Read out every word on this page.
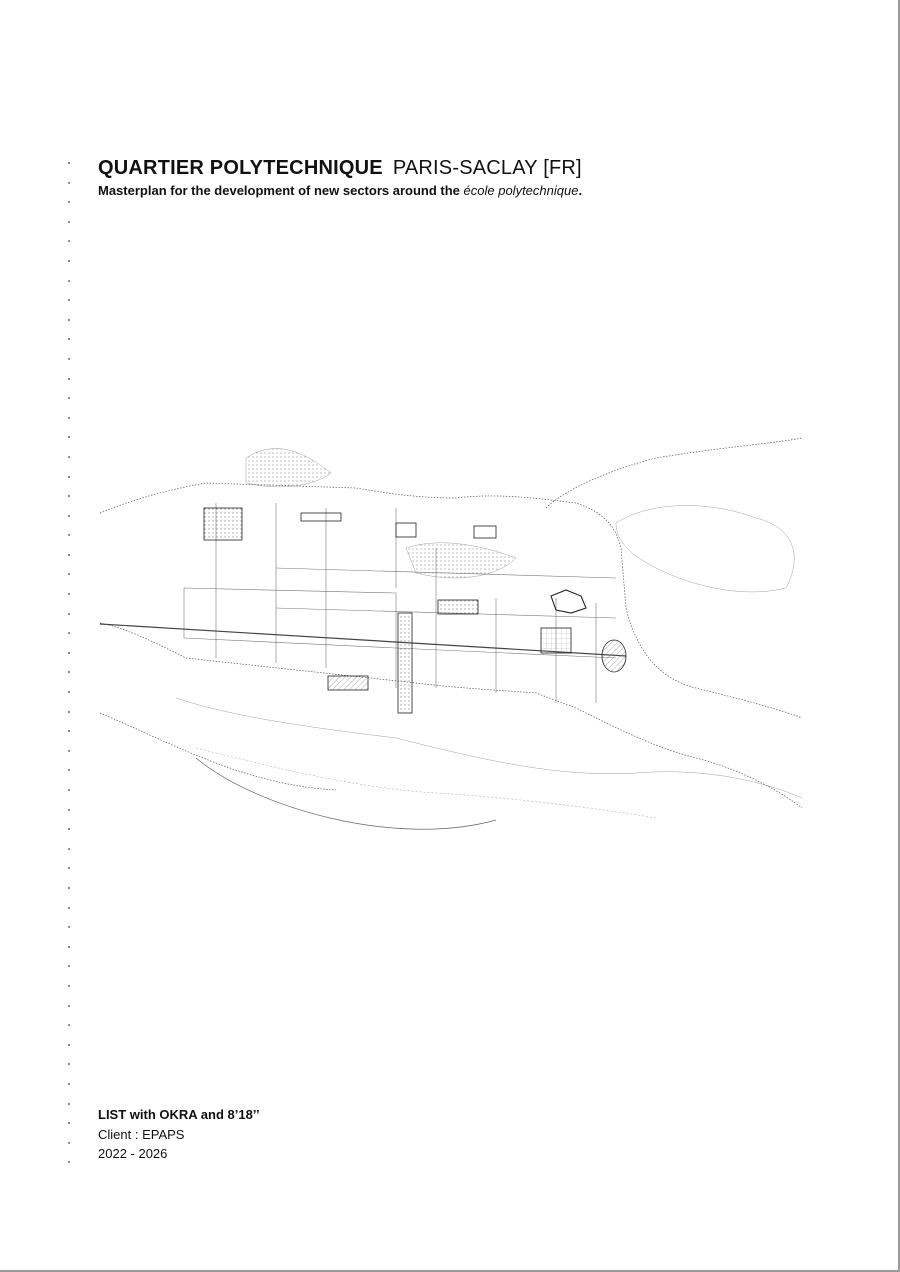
QUARTIER POLYTECHNIQUE PARIS-SACLAY [FR]
Masterplan for the development of new sectors around the école polytechnique.
LIST with OKRA and 8’18’’
Client : EPAPS
2022 - 2026
